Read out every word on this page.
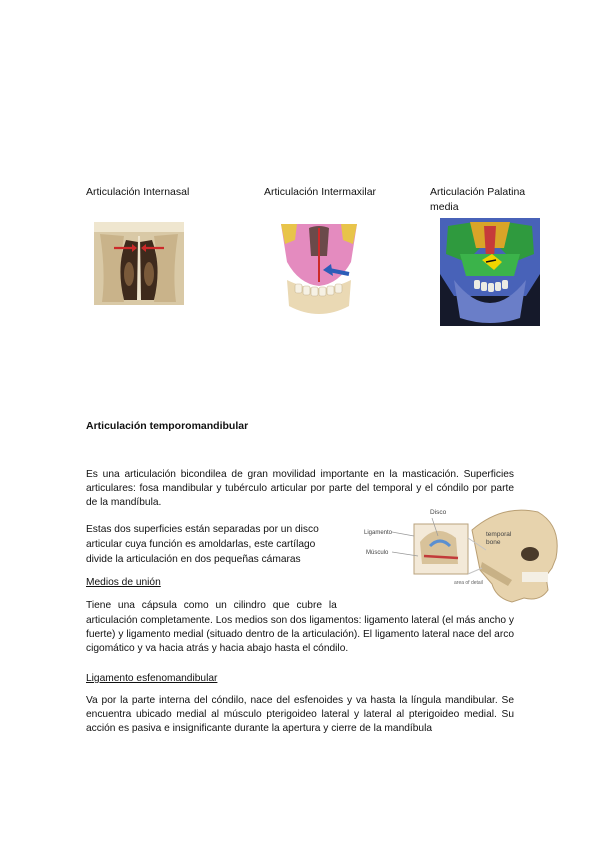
Articulación Internasal	Articulación Intermaxilar	Articulación Palatina
media
Articulación temporomandibular
Es una articulación bicondilea de gran movilidad importante en la masticación. Superficies articulares: fosa mandibular y tubérculo articular por parte del temporal y el cóndilo por parte de la mandíbula.
Estas dos superficies están separadas por un disco
articular cuya función es amoldarlas, este cartílago
divide la articulación en dos pequeñas cámaras
Disco
Ligamento
Músculo
temporal
bone
area of detail
Medios de unión
Tiene una cápsula como un cilindro que cubre la
articulación completamente. Los medios son dos ligamentos: ligamento lateral (el más ancho y fuerte) y ligamento medial (situado dentro de la articulación). El ligamento lateral nace del arco cigomático y va hacia atrás y hacia abajo hasta el cóndilo.
Ligamento esfenomandibular
Va por la parte interna del cóndilo, nace del esfenoides y va hasta la língula mandibular. Se encuentra ubicado medial al músculo pterigoideo lateral y lateral al pterigoideo medial. Su acción es pasiva e insignificante durante la apertura y cierre de la mandíbula
